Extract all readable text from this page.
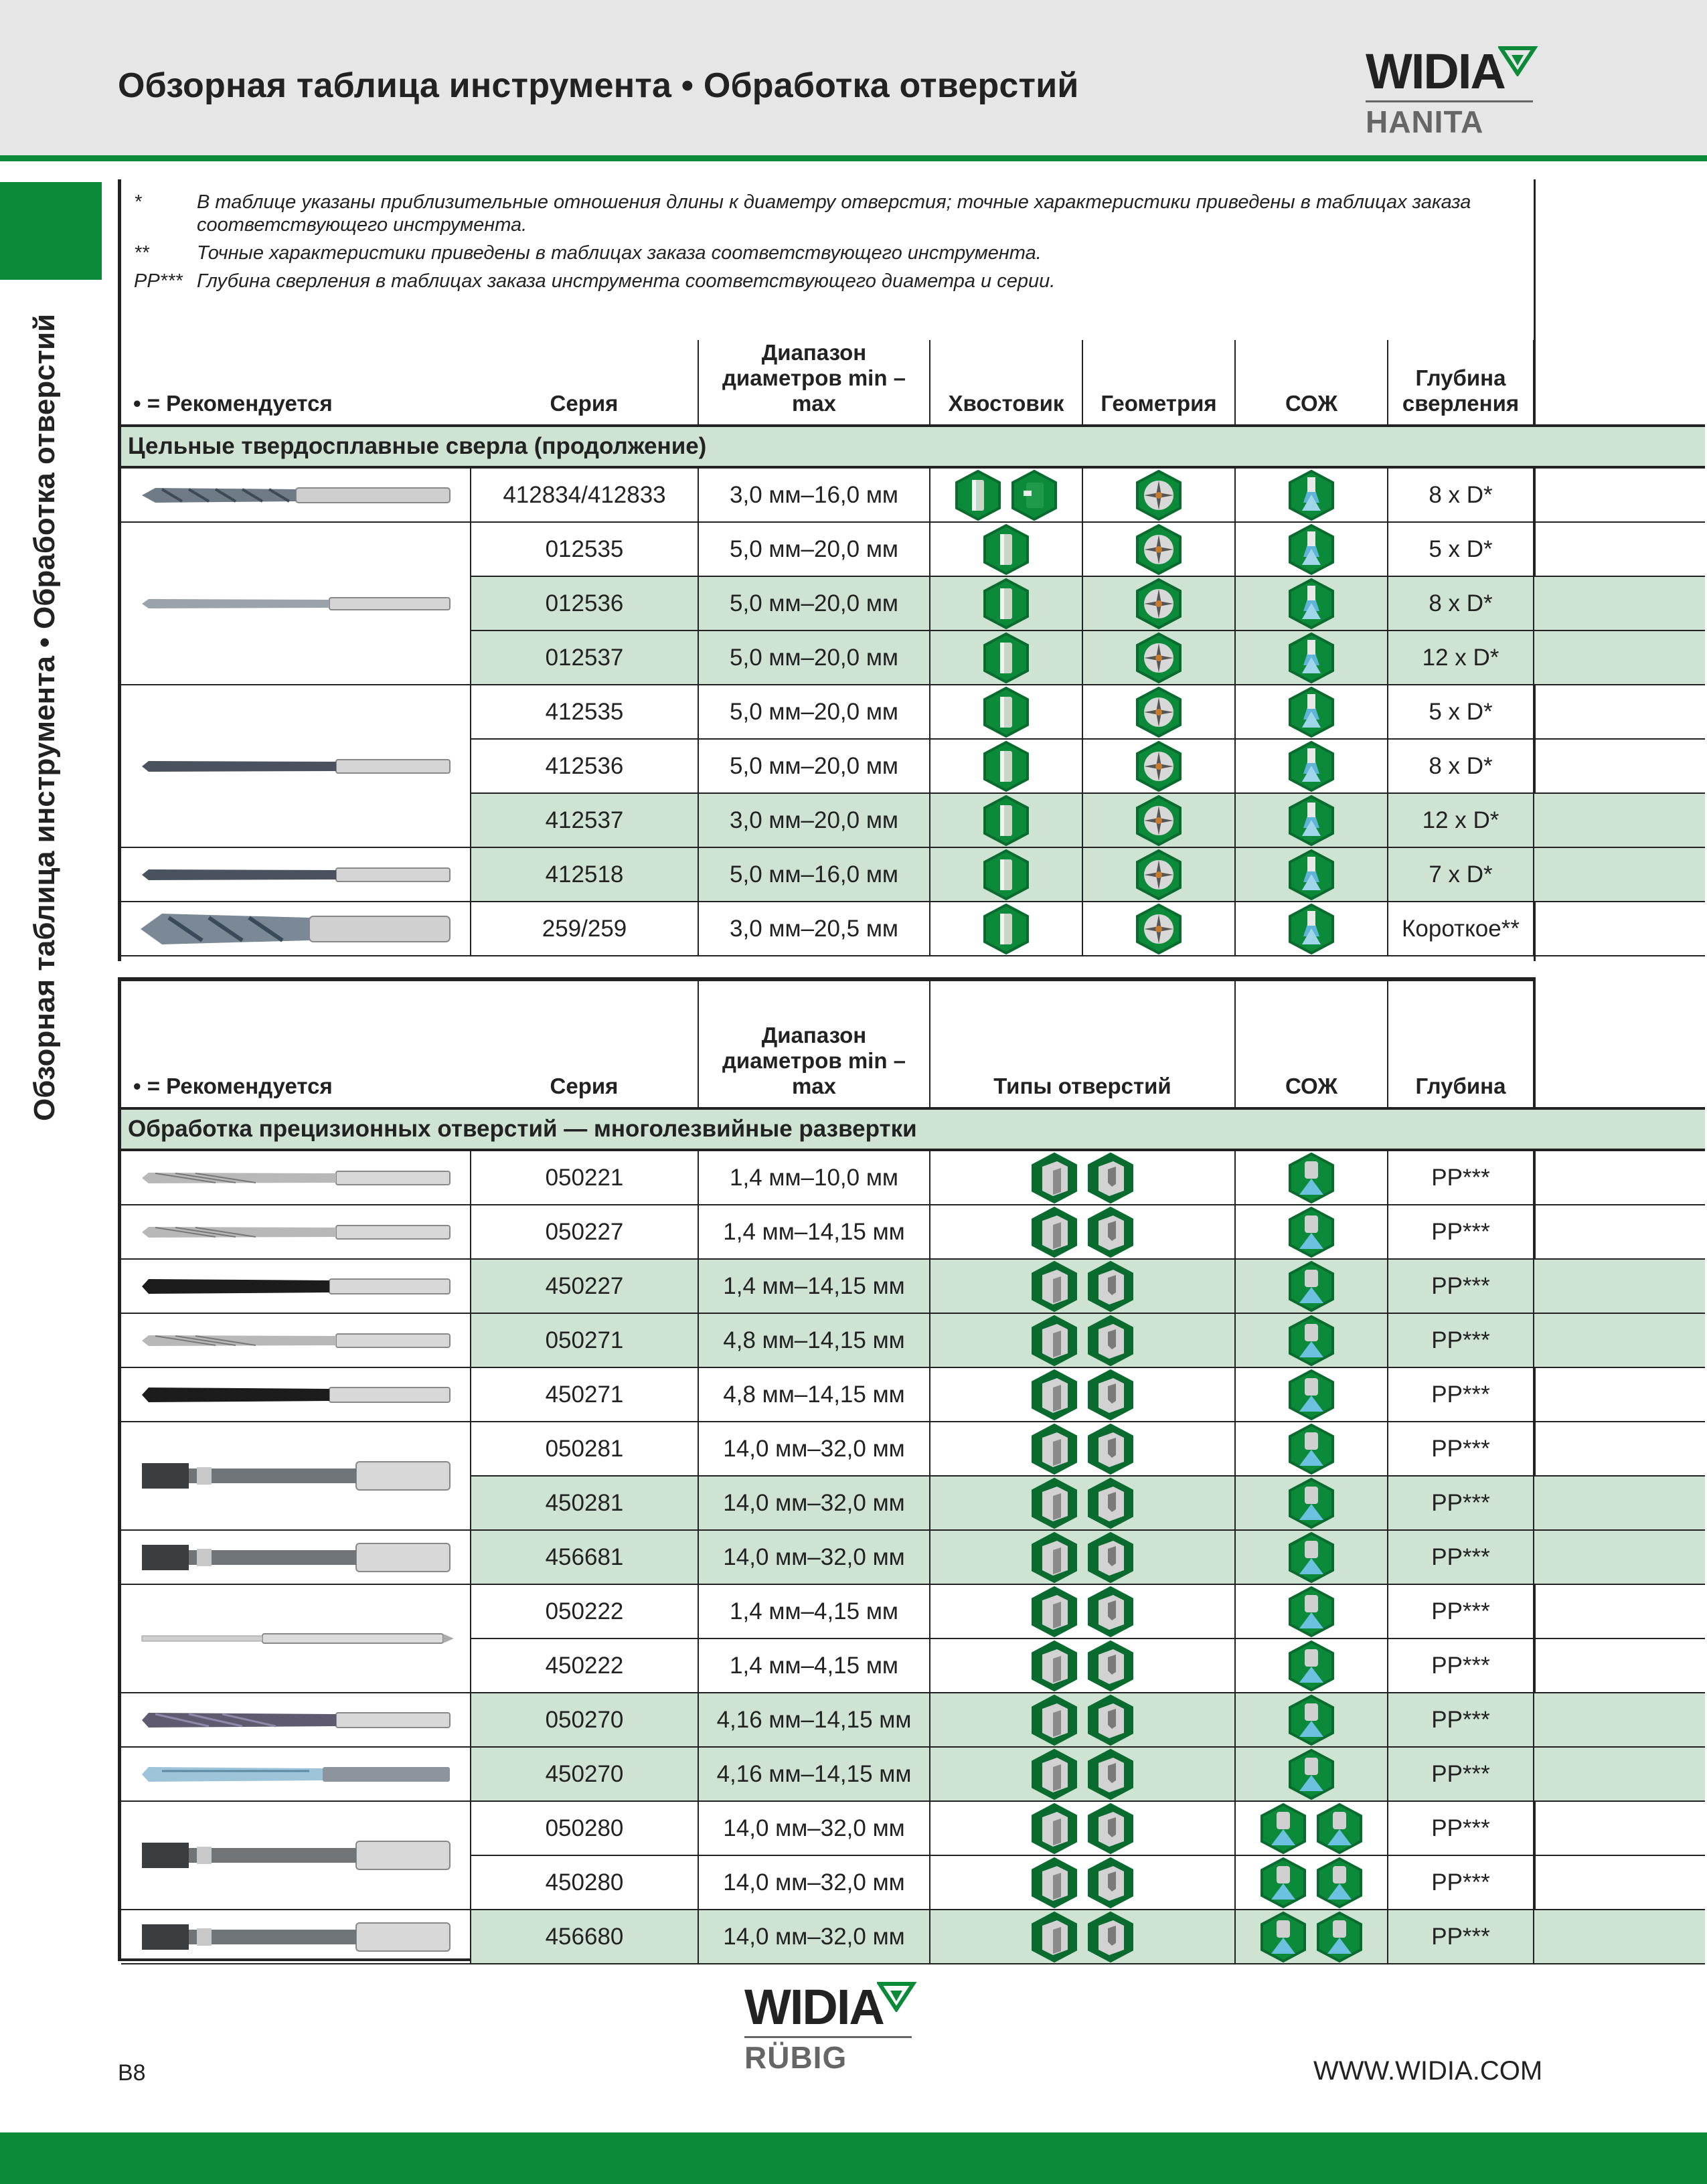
Обзорная таблица инструмента • Обработка отверстий	WIDIA
HANITA
Обзорная таблица инструмента • Обработка отверстий
*	В таблице указаны приблизительные отношения длины к диаметру отверстия; точные характеристики приведены в таблицах заказа соответствующего инструмента.
**	Точные характеристики приведены в таблицах заказа соответствующего инструмента.
PP*** Глубина сверления в таблицах заказа инструмента соответствующего диаметра и серии.
• = Рекомендуется	Серия	Диапазон диаметров min – max	Хвостовик	Геометрия	СОЖ	Глубина сверления	
Цельные твердосплавные сверла (продолжение)							

	412834/412833	3,0 мм–16,0 мм				8 x D*	

	012535	5,0 мм–20,0 мм				5 x D*	
	012536	5,0 мм–20,0 мм				8 x D*	
	012537	5,0 мм–20,0 мм				12 x D*	

	412535	5,0 мм–20,0 мм				5 x D*	
	412536	5,0 мм–20,0 мм				8 x D*	
	412537	3,0 мм–20,0 мм				12 x D*	

	412518	5,0 мм–16,0 мм				7 x D*	

	259/259	3,0 мм–20,5 мм				Короткое**	
• = Рекомендуется	Серия	Диапазон диаметров min – max	Типы отверстий	СОЖ	Глубина	
Обработка прецизионных отверстий — многолезвийные развертки						

	050221	1,4 мм–10,0 мм			PP***	

	050227	1,4 мм–14,15 мм			PP***	

	450227	1,4 мм–14,15 мм			PP***	

	050271	4,8 мм–14,15 мм			PP***	

	450271	4,8 мм–14,15 мм			PP***	

	050281	14,0 мм–32,0 мм			PP***	
	450281	14,0 мм–32,0 мм			PP***	

	456681	14,0 мм–32,0 мм			PP***	

	050222	1,4 мм–4,15 мм			PP***	
	450222	1,4 мм–4,15 мм			PP***	

	050270	4,16 мм–14,15 мм			PP***	

	450270	4,16 мм–14,15 мм			PP***	

	050280	14,0 мм–32,0 мм			PP***	
	450280	14,0 мм–32,0 мм			PP***	

	456680	14,0 мм–32,0 мм			PP***	
WIDIA
RÜBIG
B8	WWW.WIDIA.COM
